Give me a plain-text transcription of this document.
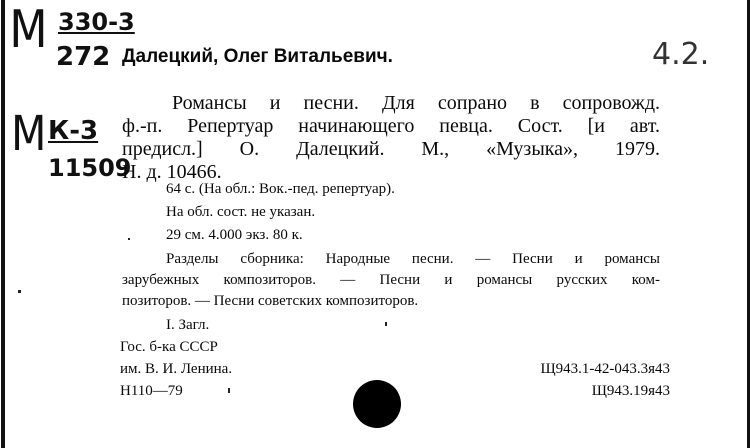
М 330-3
272
М К-3
11509
4.2.
Далецкий, Олег Витальевич.
Романсы и песни. Для сопрано в сопровожд.
ф.-п. Репертуар начинающего певца. Сост. [и авт.
предисл.] О. Далецкий. М., «Музыка», 1979.
Н. д. 10466.
64 с. (На обл.: Вок.-пед. репертуар).
На обл. сост. не указан.
29 см. 4.000 экз. 80 к.
Разделы сборника: Народные песни. — Песни и романсы
зарубежных композиторов. — Песни и романсы русских ком-
позиторов. — Песни советских композиторов.
I. Загл.
Гос. б-ка СССР
им. В. И. Ленина.
Н110—79
Щ943.1-42-043.3я43
Щ943.19я43
